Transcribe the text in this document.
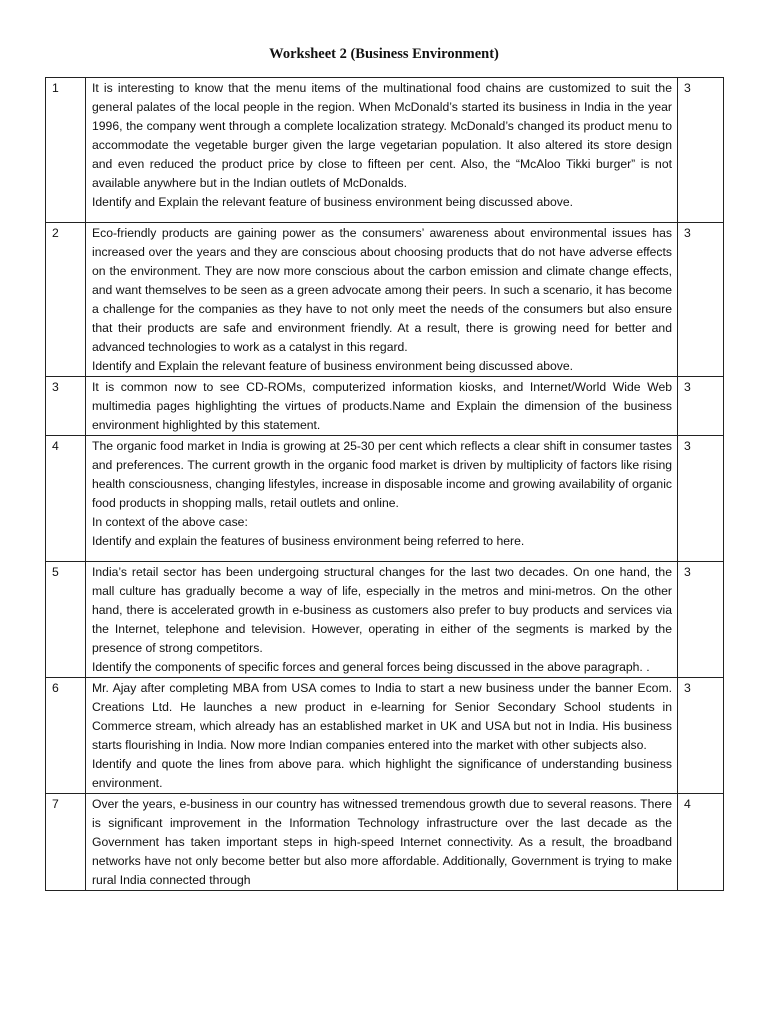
Worksheet 2 (Business Environment)
1	It is interesting to know that the menu items of the multinational food chains are customized to suit the general palates of the local people in the region. When McDonald’s started its business in India in the year 1996, the company went through a complete localization strategy. McDonald’s changed its product menu to accommodate the vegetable burger given the large vegetarian population. It also altered its store design and even reduced the product price by close to fifteen per cent. Also, the “McAloo Tikki burger” is not available anywhere but in the Indian outlets of McDonalds.

Identify and Explain the relevant feature of business environment being discussed above.	3
2	Eco-friendly products are gaining power as the consumers’ awareness about environmental issues has increased over the years and they are conscious about choosing products that do not have adverse effects on the environment. They are now more conscious about the carbon emission and climate change effects, and want themselves to be seen as a green advocate among their peers. In such a scenario, it has become a challenge for the companies as they have to not only meet the needs of the consumers but also ensure that their products are safe and environment friendly. At a result, there is growing need for better and advanced technologies to work as a catalyst in this regard.

Identify and Explain the relevant feature of business environment being discussed above.	3
3	It is common now to see CD-ROMs, computerized information kiosks, and Internet/World Wide Web multimedia pages highlighting the virtues of products.Name and Explain the dimension of the business environment highlighted by this statement.	3
4	The organic food market in India is growing at 25-30 per cent which reflects a clear shift in consumer tastes and preferences. The current growth in the organic food market is driven by multiplicity of factors like rising health consciousness, changing lifestyles, increase in disposable income and growing availability of organic food products in shopping malls, retail outlets and online.

In context of the above case:

Identify and explain the features of business environment being referred to here.	3
5	India’s retail sector has been undergoing structural changes for the last two decades. On one hand, the mall culture has gradually become a way of life, especially in the metros and mini-metros. On the other hand, there is accelerated growth in e-business as customers also prefer to buy products and services via the Internet, telephone and television. However, operating in either of the segments is marked by the presence of strong competitors.

Identify the components of specific forces and general forces being discussed in the above paragraph. .	3
6	Mr. Ajay after completing MBA from USA comes to India to start a new business under the banner Ecom. Creations Ltd. He launches a new product in e-learning for Senior Secondary School students in Commerce stream, which already has an established market in UK and USA but not in India. His business starts flourishing in India. Now more Indian companies entered into the market with other subjects also.

Identify and quote the lines from above para. which highlight the significance of understanding business environment.	3
7	Over the years, e-business in our country has witnessed tremendous growth due to several reasons. There is significant improvement in the Information Technology infrastructure over the last decade as the Government has taken important steps in high-speed Internet connectivity. As a result, the broadband networks have not only become better but also more affordable. Additionally, Government is trying to make rural India connected through	4
